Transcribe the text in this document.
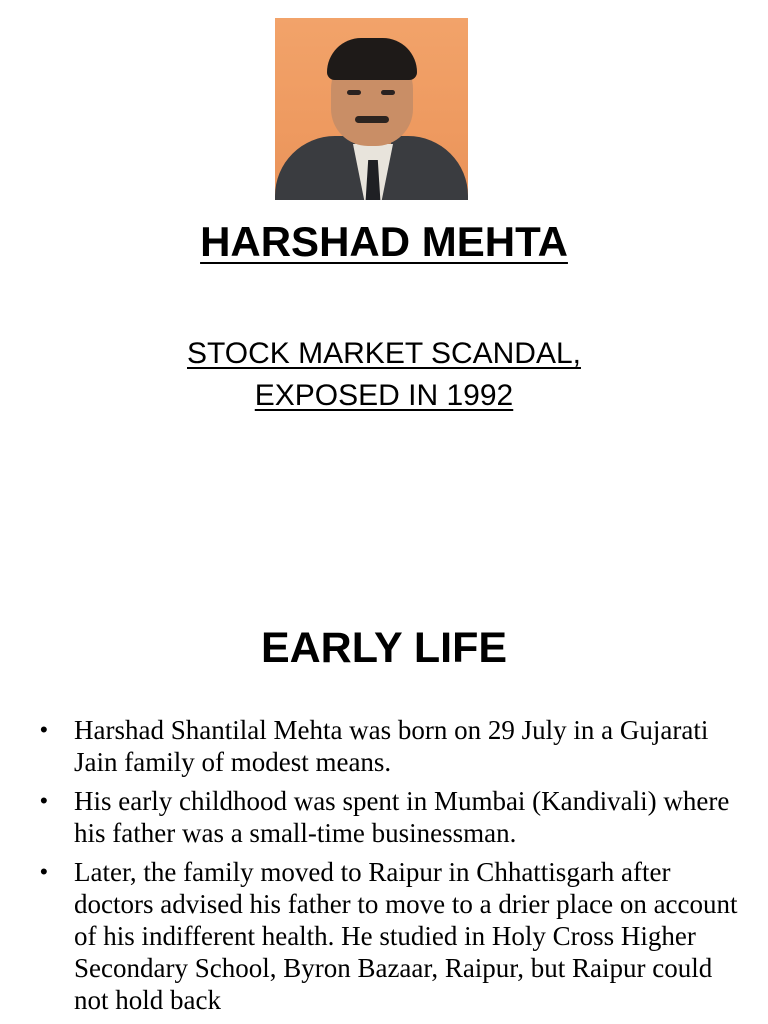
HARSHAD MEHTA

STOCK MARKET SCANDAL,
EXPOSED IN 1992

EARLY LIFE
• Harshad Shantilal Mehta was born on 29 July in a Gujarati Jain family of modest means.
• His early childhood was spent in Mumbai (Kandivali) where his father was a small-time businessman.
• Later, the family moved to Raipur in Chhattisgarh after doctors advised his father to move to a drier place on account of his indifferent health. He studied in Holy Cross Higher Secondary School, Byron Bazaar, Raipur, but Raipur could not hold back
